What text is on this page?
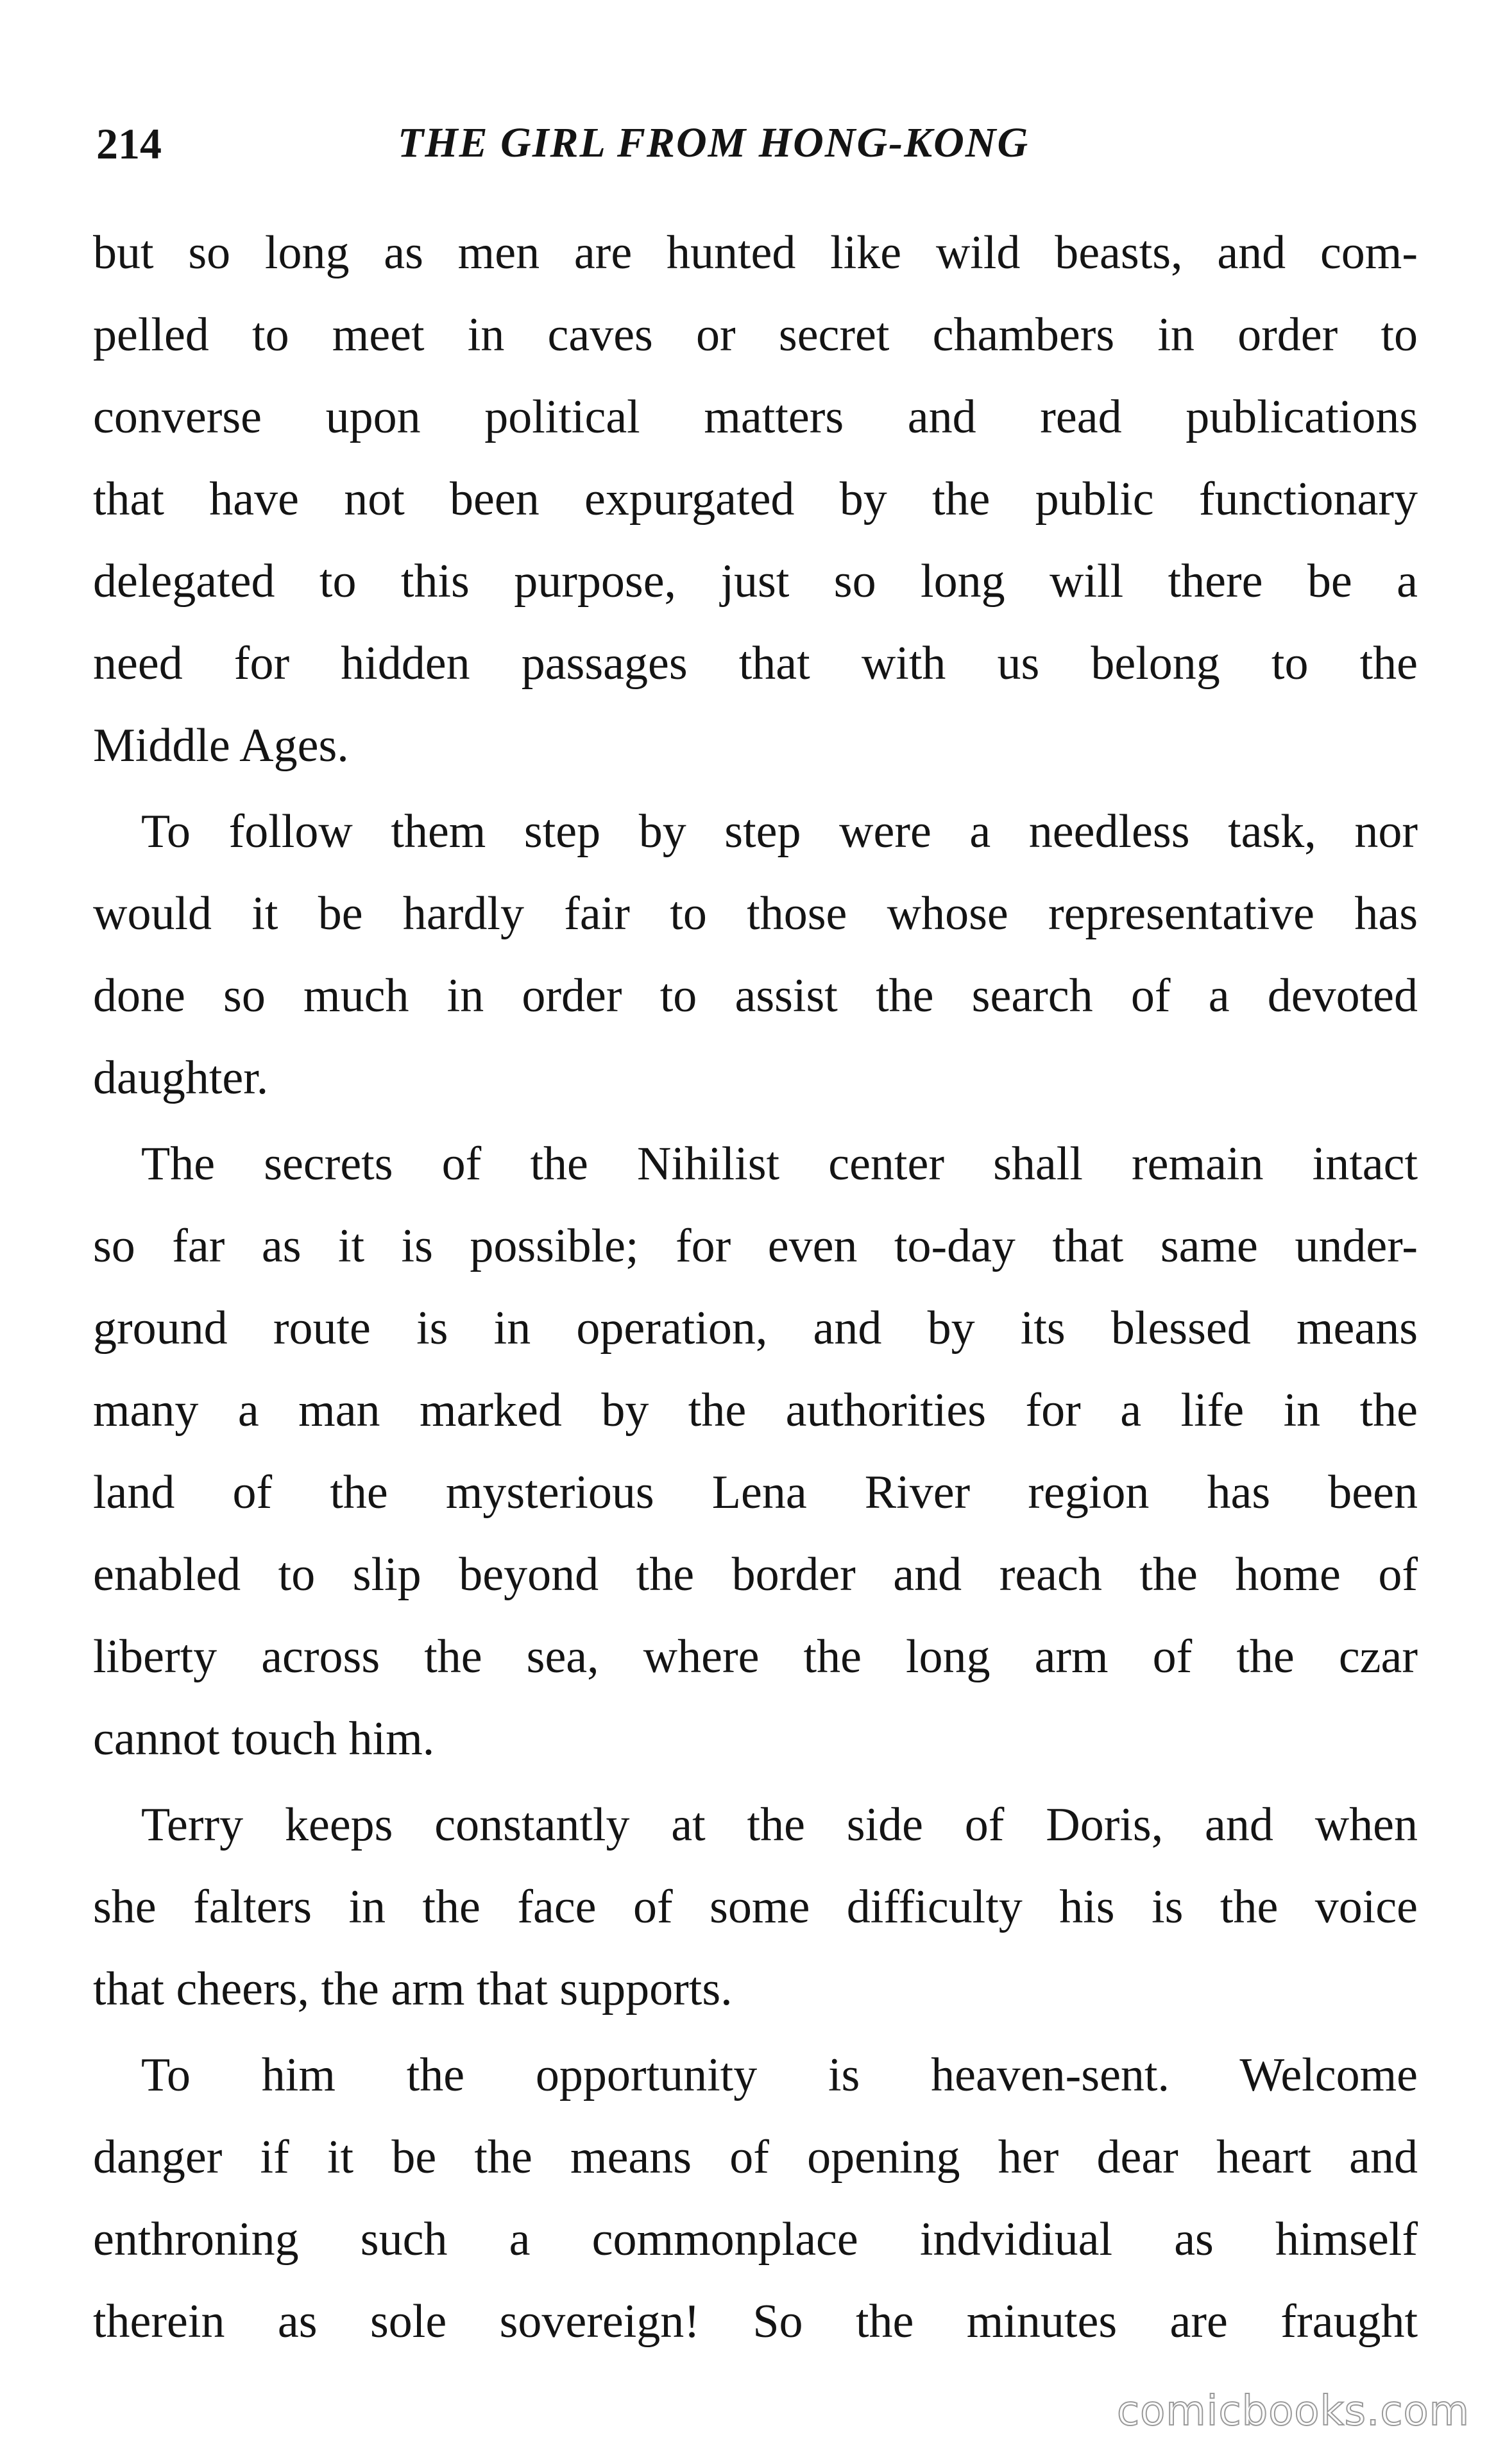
214	THE GIRL FROM HONG-KONG
but so long as men are hunted like wild beasts, and com-
pelled to meet in caves or secret chambers in order to
converse upon political matters and read publications
that have not been expurgated by the public functionary
delegated to this purpose, just so long will there be a
need for hidden passages that with us belong to the
Middle Ages.
To follow them step by step were a needless task, nor
would it be hardly fair to those whose representative has
done so much in order to assist the search of a devoted
daughter.
The secrets of the Nihilist center shall remain intact
so far as it is possible; for even to-day that same under-
ground route is in operation, and by its blessed means
many a man marked by the authorities for a life in the
land of the mysterious Lena River region has been
enabled to slip beyond the border and reach the home of
liberty across the sea, where the long arm of the czar
cannot touch him.
Terry keeps constantly at the side of Doris, and when
she falters in the face of some difficulty his is the voice
that cheers, the arm that supports.
To him the opportunity is heaven-sent. Welcome
danger if it be the means of opening her dear heart and
enthroning such a commonplace indvidiual as himself
therein as sole sovereign! So the minutes are fraught
comicbooks.com
